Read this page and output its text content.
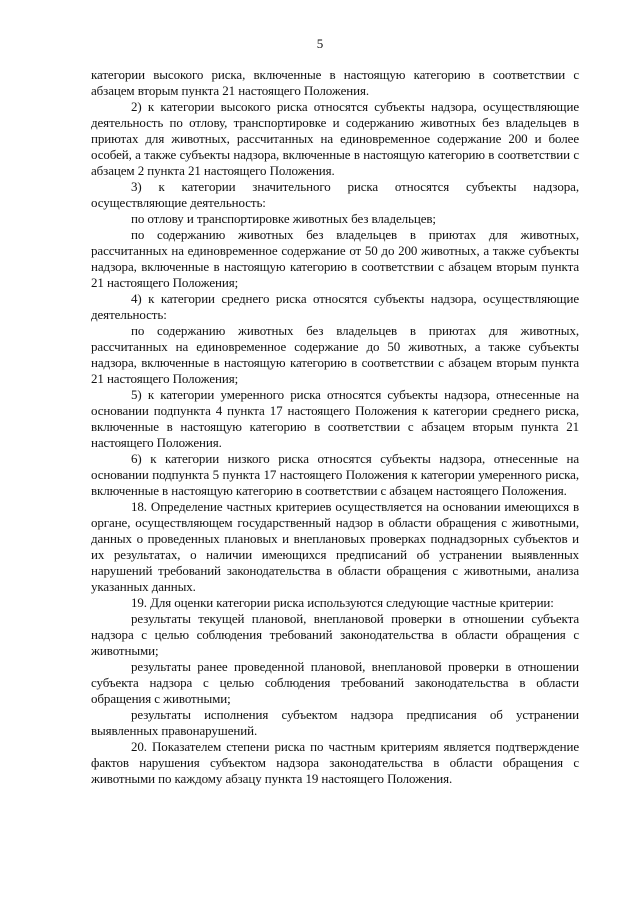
5

категории высокого риска, включенные в настоящую категорию в соответствии с абзацем вторым пункта 21 настоящего Положения.

2) к категории высокого риска относятся субъекты надзора, осуществляющие деятельность по отлову, транспортировке и содержанию животных без владельцев в приютах для животных, рассчитанных на единовременное содержание 200 и более особей, а также субъекты надзора, включенные в настоящую категорию в соответствии с абзацем 2 пункта 21 настоящего Положения.

3) к категории значительного риска относятся субъекты надзора, осуществляющие деятельность:

по отлову и транспортировке животных без владельцев;

по содержанию животных без владельцев в приютах для животных, рассчитанных на единовременное содержание от 50 до 200 животных, а также субъекты надзора, включенные в настоящую категорию в соответствии с абзацем вторым пункта 21 настоящего Положения;

4) к категории среднего риска относятся субъекты надзора, осуществляющие деятельность:

по содержанию животных без владельцев в приютах для животных, рассчитанных на единовременное содержание до 50 животных, а также субъекты надзора, включенные в настоящую категорию в соответствии с абзацем вторым пункта 21 настоящего Положения;

5) к категории умеренного риска относятся субъекты надзора, отнесенные на основании подпункта 4 пункта 17 настоящего Положения к категории среднего риска, включенные в настоящую категорию в соответствии с абзацем вторым пункта 21 настоящего Положения.

6) к категории низкого риска относятся субъекты надзора, отнесенные на основании подпункта 5 пункта 17 настоящего Положения к категории умеренного риска, включенные в настоящую категорию в соответствии с абзацем настоящего Положения.

18. Определение частных критериев осуществляется на основании имеющихся в органе, осуществляющем государственный надзор в области обращения с животными, данных о проведенных плановых и внеплановых проверках поднадзорных субъектов и их результатах, о наличии имеющихся предписаний об устранении выявленных нарушений требований законодательства в области обращения с животными, анализа указанных данных.

19. Для оценки категории риска используются следующие частные критерии:

результаты текущей плановой, внеплановой проверки в отношении субъекта надзора с целью соблюдения требований законодательства в области обращения с животными;

результаты ранее проведенной плановой, внеплановой проверки в отношении субъекта надзора с целью соблюдения требований законодательства в области обращения с животными;

результаты исполнения субъектом надзора предписания об устранении выявленных правонарушений.

20. Показателем степени риска по частным критериям является подтверждение фактов нарушения субъектом надзора законодательства в области обращения с животными по каждому абзацу пункта 19 настоящего Положения.
